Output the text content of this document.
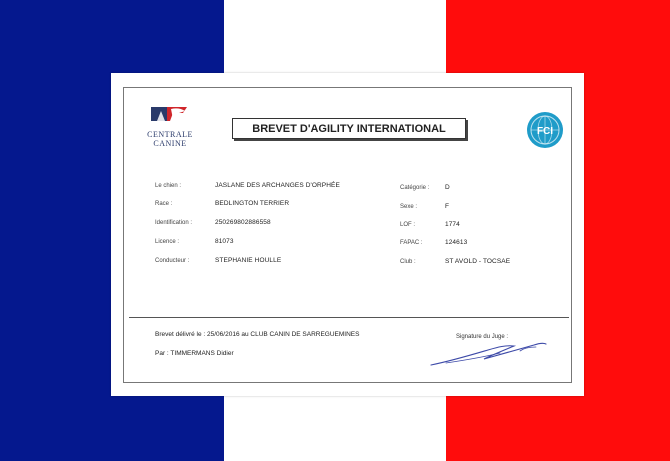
CENTRALE
CANINE
BREVET D'AGILITY INTERNATIONAL	FCI
Le chien :	JASLANE DES ARCHANGES D'ORPHÉE
Race :	BEDLINGTON TERRIER
Identification :	250269802886558
Licence :	81073
Conducteur :	STEPHANIE HOULLE
Catégorie : D
Sexe :	F
LOF :	1774
FAPAC :	124613
Club :	ST AVOLD - TOCSAE
Brevet délivré le : 25/06/2016 au CLUB CANIN DE SARREGUEMINES
Par : TIMMERMANS Didier
Signature du Juge :
